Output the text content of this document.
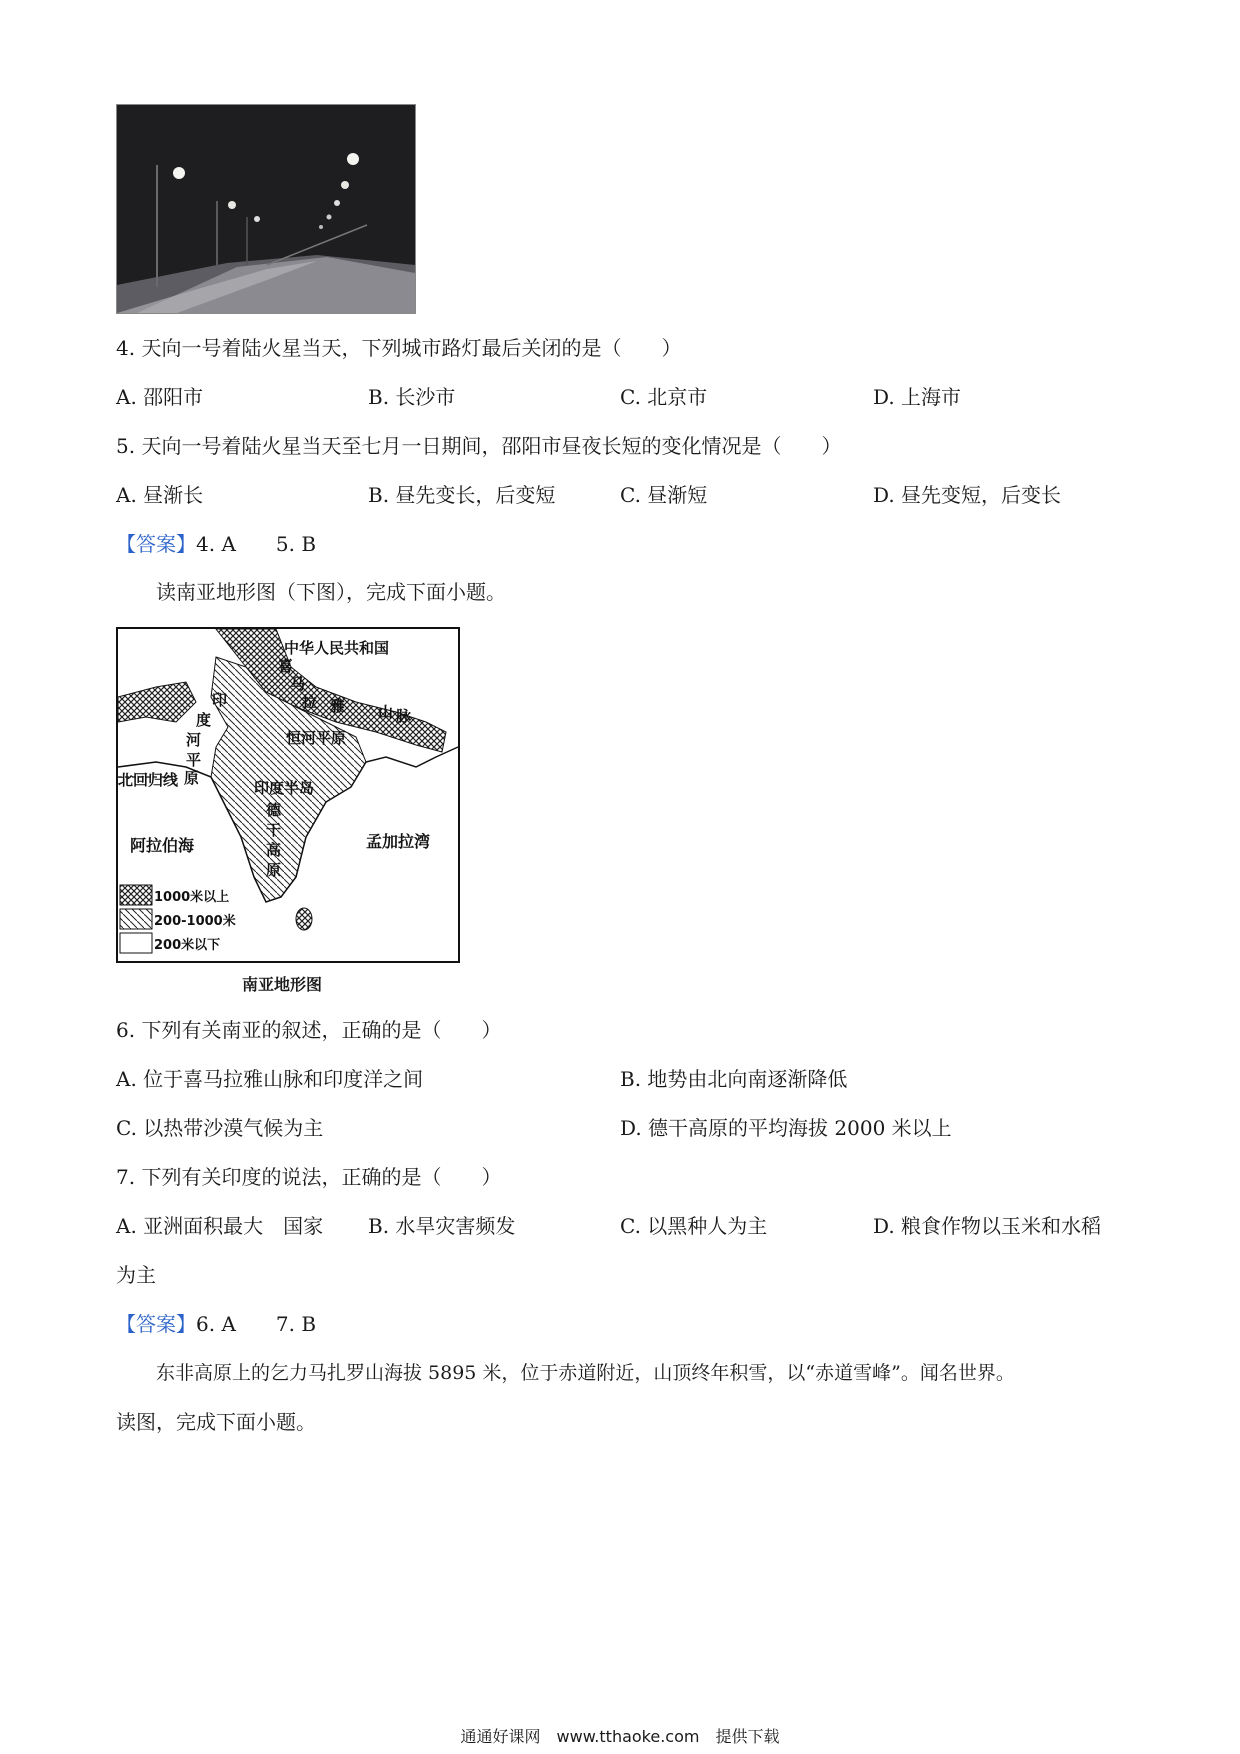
4. 天向一号着陆火星当天，下列城市路灯最后关闭的是（　　）
A. 邵阳市	B. 长沙市	C. 北京市	D. 上海市
5. 天向一号着陆火星当天至七月一日期间，邵阳市昼夜长短的变化情况是（　　）
A. 昼渐长	B. 昼先变长，后变短	C. 昼渐短	D. 昼先变短，后变长
【答案】4. A　　5. B
读南亚地形图（下图），完成下面小题。
中华人民共和国
喜
马
拉 雅 山 脉
印
度
河
平
原
恒河平原
北回归线	印度半岛
德
干
高
原
阿拉伯海	孟加拉湾
1000米以上
200-1000米
200米以下
南亚地形图
6. 下列有关南亚的叙述，正确的是（　　）
A. 位于喜马拉雅山脉和印度洋之间	B. 地势由北向南逐渐降低
C. 以热带沙漠气候为主	D. 德干高原的平均海拔 2000 米以上
7. 下列有关印度的说法，正确的是（　　）
A. 亚洲面积最大　国家 B. 水旱灾害频发	C. 以黑种人为主	D. 粮食作物以玉米和水稻
为主
【答案】6. A　　7. B
东非高原上的乞力马扎罗山海拔 5895 米，位于赤道附近，山顶终年积雪，以“赤道雪峰”。闻名世界。
读图，完成下面小题。
通通好课网　www.tthaoke.com　提供下载
